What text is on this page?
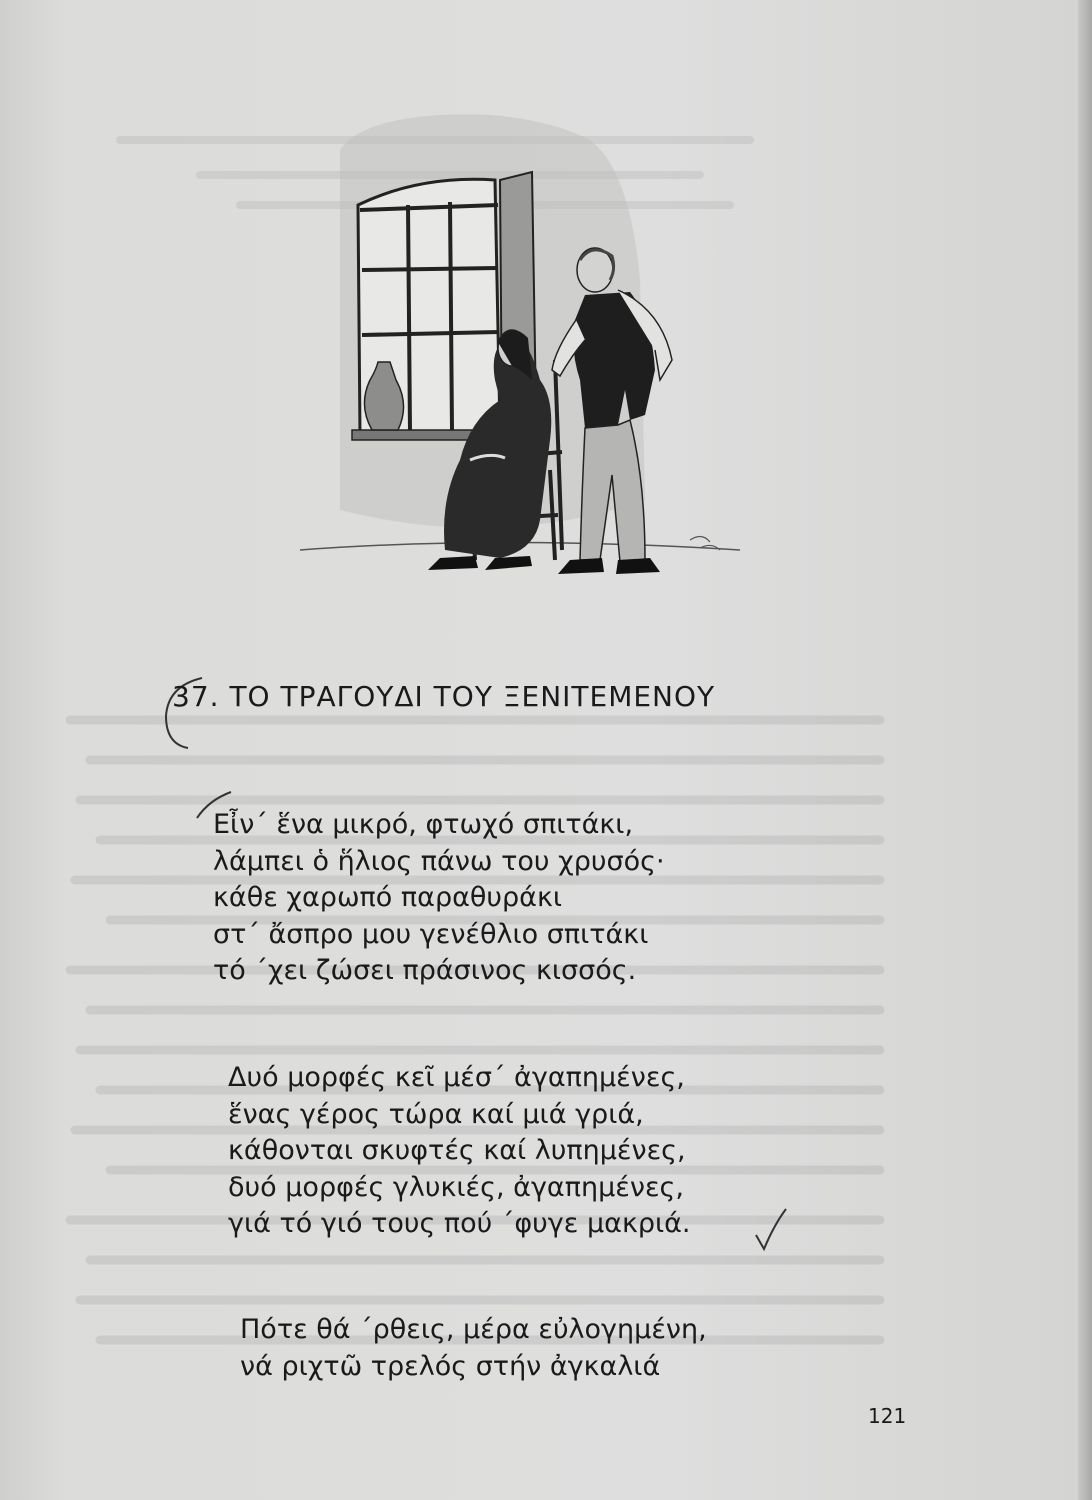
37. ΤΟ ΤΡΑΓΟΥΔΙ ΤΟΥ ΞΕΝΙΤΕΜΕΝΟΥ
Εἶν΄ ἕνα μικρό, φτωχό σπιτάκι,
λάμπει ὁ ἥλιος πάνω του χρυσός·
κάθε χαρωπό παραθυράκι
στ΄ ἄσπρο μου γενέθλιο σπιτάκι
τό ΄χει ζώσει πράσινος κισσός.
Δυό μορφές κεῖ μέσ΄ ἀγαπημένες,
ἕνας γέρος τώρα καί μιά γριά,
κάθονται σκυφτές καί λυπημένες,
δυό μορφές γλυκιές, ἀγαπημένες,
γιά τό γιό τους πού ΄φυγε μακριά.
Πότε θά ΄ρθεις, μέρα εὐλογημένη,
νά ριχτῶ τρελός στήν ἀγκαλιά
121
